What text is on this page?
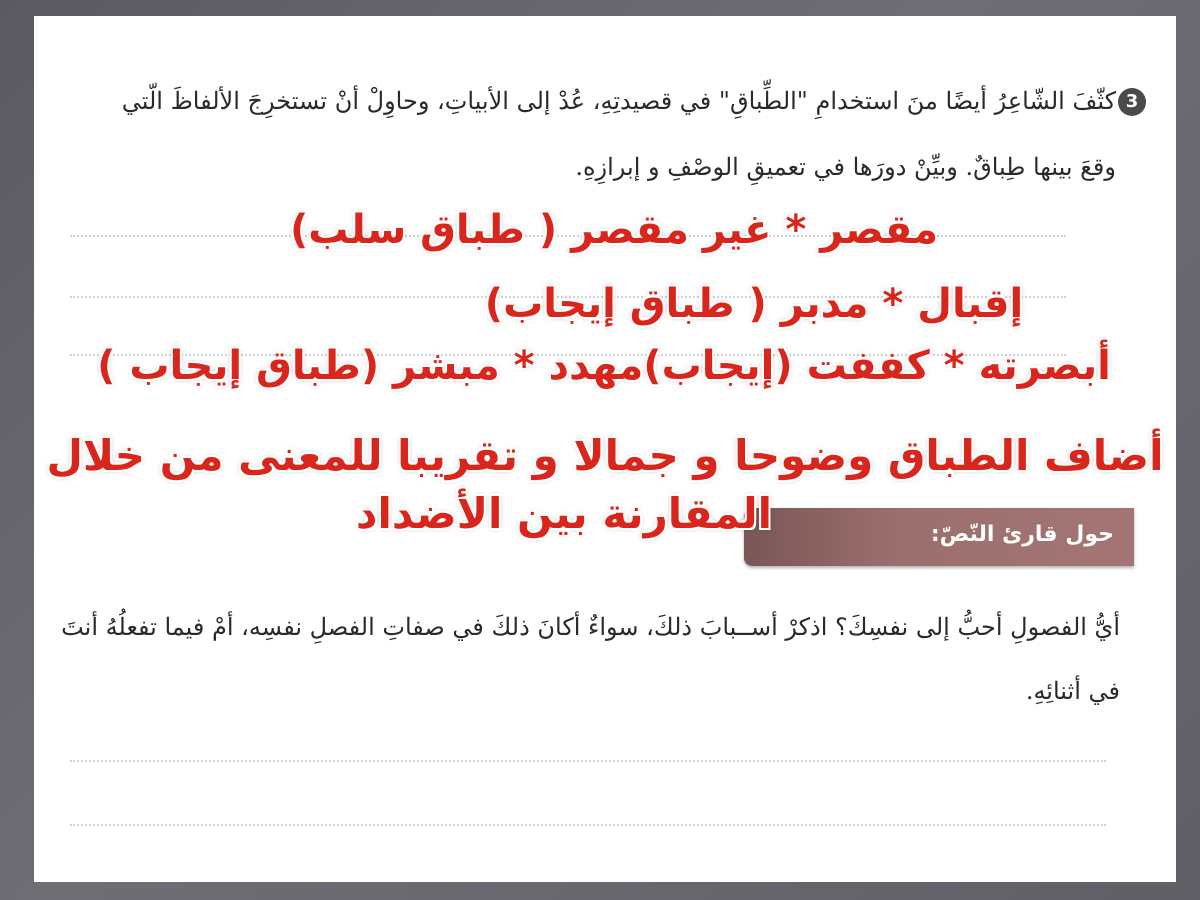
3
كثّفَ الشّاعِرُ أيضًا منَ استخدامِ "الطِّباقِ" في قصيدتِهِ، عُدْ إلى الأبياتِ، وحاوِلْ أنْ تستخرِجَ الألفاظَ الّتي
وقعَ بينها طِباقٌ. وبيِّنْ دورَها في تعميقِ الوصْفِ و إبرازِهِ.
حول قارئ النّصّ:
مقصر * غير مقصر ( طباق سلب)
إقبال * مدبر ( طباق إيجاب)
أبصرته * كففت (إيجاب)مهدد * مبشر (طباق إيجاب )
أضاف الطباق وضوحا و جمالا و تقريبا للمعنى من خلال
المقارنة بين الأضداد
أيُّ الفصولِ أحبُّ إلى نفسِكَ؟ اذكرْ أســبابَ ذلكَ، سواءٌ أكانَ ذلكَ في صفاتِ الفصلِ نفسِه، أمْ فيما تفعلُهُ أنتَ
في أثنائِهِ.
